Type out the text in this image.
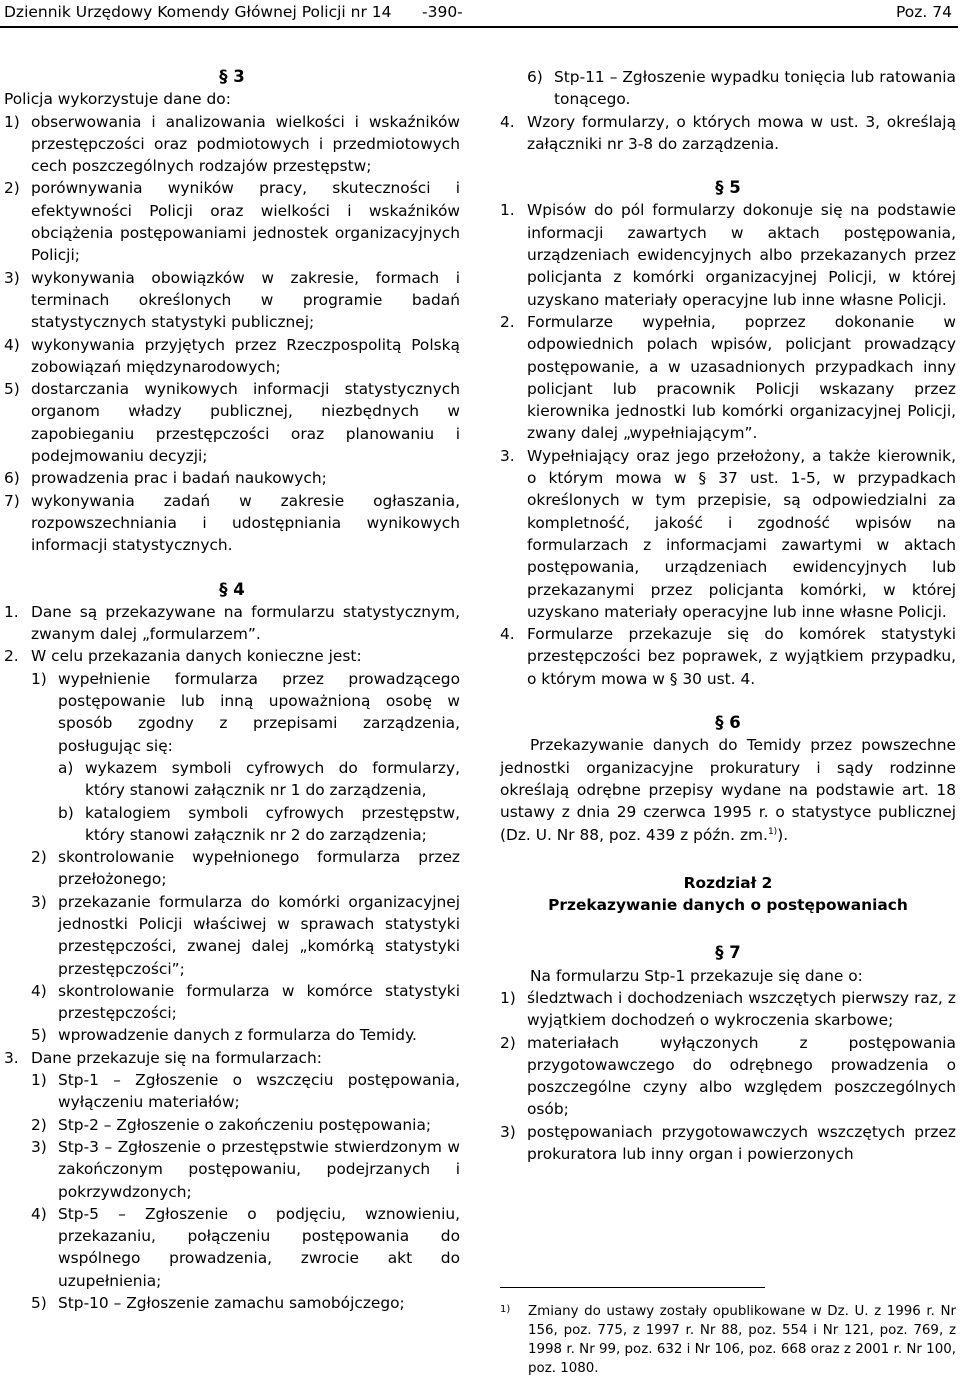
Dziennik Urzędowy Komendy Głównej Policji nr 14 -390-	Poz. 74
§ 3
Policja wykorzystuje dane do:
1) obserwowania i analizowania wielkości i wskaźników przestępczości oraz podmiotowych i przedmiotowych cech poszczególnych rodzajów przestępstw;
2) porównywania wyników pracy, skuteczności i efektywności Policji oraz wielkości i wskaźników obciążenia postępowaniami jednostek organizacyjnych Policji;
3) wykonywania obowiązków w zakresie, formach i terminach określonych w programie badań statystycznych statystyki publicznej;
4) wykonywania przyjętych przez Rzeczpospolitą Polską zobowiązań międzynarodowych;
5) dostarczania wynikowych informacji statystycznych organom władzy publicznej, niezbędnych w zapobieganiu przestępczości oraz planowaniu i podejmowaniu decyzji;
6) prowadzenia prac i badań naukowych;
7) wykonywania zadań w zakresie ogłaszania, rozpowszechniania i udostępniania wynikowych informacji statystycznych.
§ 4
1. Dane są przekazywane na formularzu statystycznym, zwanym dalej „formularzem”.
2. W celu przekazania danych konieczne jest:
1) wypełnienie formularza przez prowadzącego postępowanie lub inną upoważnioną osobę w sposób zgodny z przepisami zarządzenia, posługując się:
a) wykazem symboli cyfrowych do formularzy, który stanowi załącznik nr 1 do zarządzenia,
b) katalogiem symboli cyfrowych przestępstw, który stanowi załącznik nr 2 do zarządzenia;
2) skontrolowanie wypełnionego formularza przez przełożonego;
3) przekazanie formularza do komórki organizacyjnej jednostki Policji właściwej w sprawach statystyki przestępczości, zwanej dalej „komórką statystyki przestępczości”;
4) skontrolowanie formularza w komórce statystyki przestępczości;
5) wprowadzenie danych z formularza do Temidy.
3. Dane przekazuje się na formularzach:
1) Stp-1 – Zgłoszenie o wszczęciu postępowania, wyłączeniu materiałów;
2) Stp-2 – Zgłoszenie o zakończeniu postępowania;
3) Stp-3 – Zgłoszenie o przestępstwie stwierdzonym w zakończonym postępowaniu, podejrzanych i pokrzywdzonych;
4) Stp-5 – Zgłoszenie o podjęciu, wznowieniu, przekazaniu, połączeniu postępowania do wspólnego prowadzenia, zwrocie akt do uzupełnienia;
5) Stp-10 – Zgłoszenie zamachu samobójczego;
6) Stp-11 – Zgłoszenie wypadku tonięcia lub ratowania tonącego.
4. Wzory formularzy, o których mowa w ust. 3, określają załączniki nr 3-8 do zarządzenia.
§ 5
1. Wpisów do pól formularzy dokonuje się na podstawie informacji zawartych w aktach postępowania, urządzeniach ewidencyjnych albo przekazanych przez policjanta z komórki organizacyjnej Policji, w której uzyskano materiały operacyjne lub inne własne Policji.
2. Formularze wypełnia, poprzez dokonanie w odpowiednich polach wpisów, policjant prowadzący postępowanie, a w uzasadnionych przypadkach inny policjant lub pracownik Policji wskazany przez kierownika jednostki lub komórki organizacyjnej Policji, zwany dalej „wypełniającym”.
3. Wypełniający oraz jego przełożony, a także kierownik, o którym mowa w § 37 ust. 1-5, w przypadkach określonych w tym przepisie, są odpowiedzialni za kompletność, jakość i zgodność wpisów na formularzach z informacjami zawartymi w aktach postępowania, urządzeniach ewidencyjnych lub przekazanymi przez policjanta komórki, w której uzyskano materiały operacyjne lub inne własne Policji.
4. Formularze przekazuje się do komórek statystyki przestępczości bez poprawek, z wyjątkiem przypadku, o którym mowa w § 30 ust. 4.
§ 6
Przekazywanie danych do Temidy przez powszechne jednostki organizacyjne prokuratury i sądy rodzinne określają odrębne przepisy wydane na podstawie art. 18 ustawy z dnia 29 czerwca 1995 r. o statystyce publicznej (Dz. U. Nr 88, poz. 439 z późn. zm.$^{1)}$).
Rozdział 2
Przekazywanie danych o postępowaniach
§ 7
Na formularzu Stp-1 przekazuje się dane o:
1) śledztwach i dochodzeniach wszczętych pierwszy raz, z wyjątkiem dochodzeń o wykroczenia skarbowe;
2) materiałach wyłączonych z postępowania przygotowawczego do odrębnego prowadzenia o poszczególne czyny albo względem poszczególnych osób;
3) postępowaniach przygotowawczych wszczętych przez prokuratora lub inny organ i powierzonych
1)	Zmiany do ustawy zostały opublikowane w Dz. U. z 1996 r. Nr 156, poz. 775, z 1997 r. Nr 88, poz. 554 i Nr 121, poz. 769, z 1998 r. Nr 99, poz. 632 i Nr 106, poz. 668 oraz z 2001 r. Nr 100, poz. 1080.
